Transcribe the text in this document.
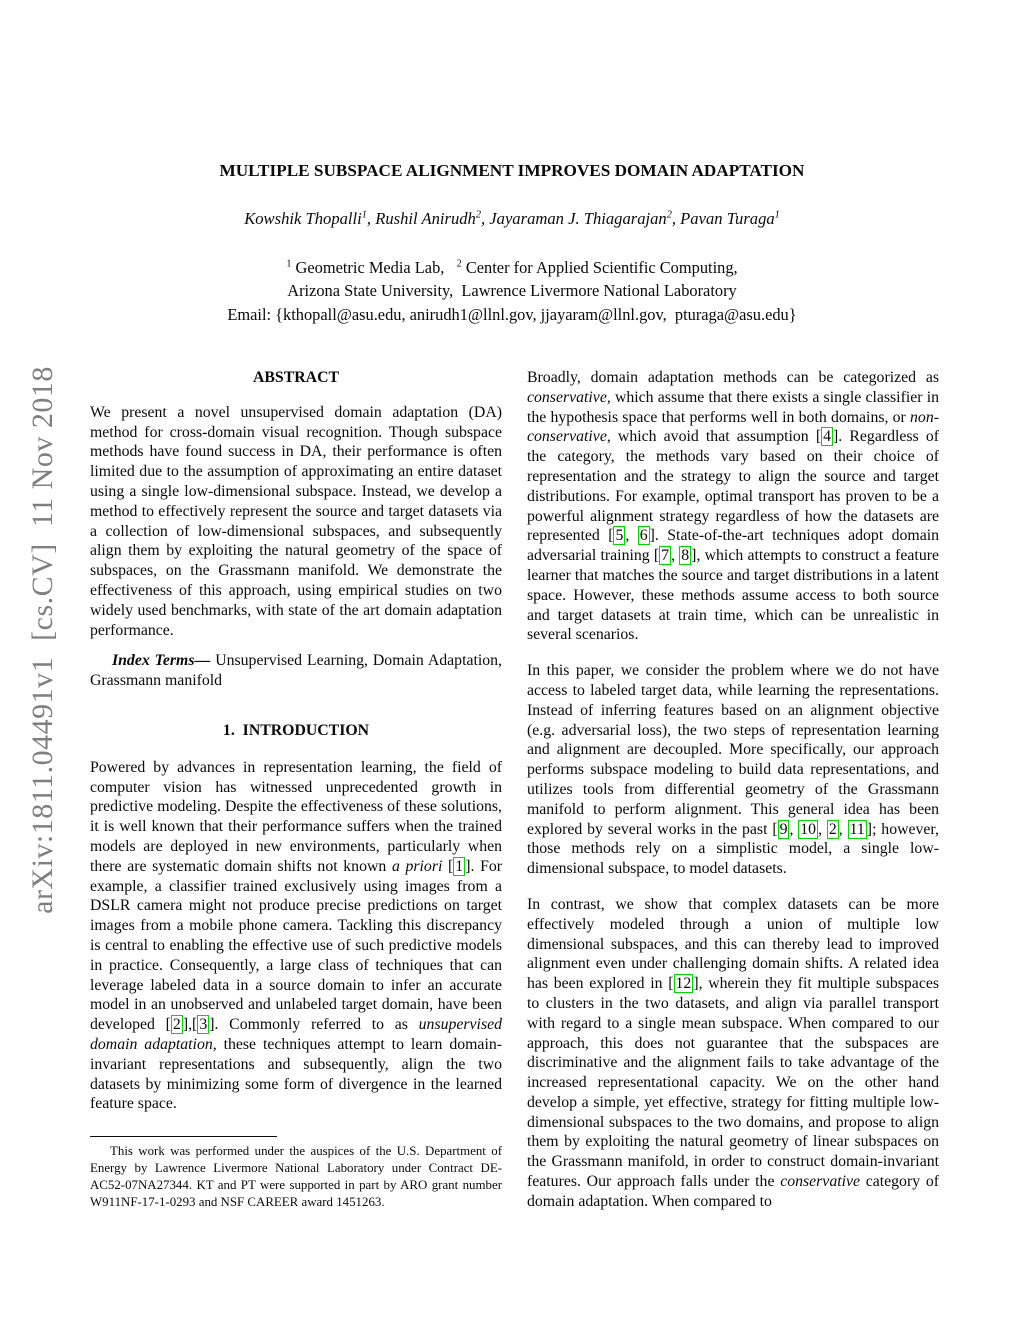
arXiv:1811.04491v1  [cs.CV]  11 Nov 2018
MULTIPLE SUBSPACE ALIGNMENT IMPROVES DOMAIN ADAPTATION
Kowshik Thopalli$^1$, Rushil Anirudh$^2$, Jayaraman J. Thiagarajan$^2$, Pavan Turaga$^1$
$^1$ Geometric Media Lab,   $^2$ Center for Applied Scientific Computing,
Arizona State University,  Lawrence Livermore National Laboratory
Email: {kthopall@asu.edu, anirudh1@llnl.gov, jjayaram@llnl.gov,  pturaga@asu.edu}
ABSTRACT

We present a novel unsupervised domain adaptation (DA) method for cross-domain visual recognition. Though subspace methods have found success in DA, their performance is often limited due to the assumption of approximating an entire dataset using a single low-dimensional subspace. Instead, we develop a method to effectively represent the source and target datasets via a collection of low-dimensional subspaces, and subsequently align them by exploiting the natural geometry of the space of subspaces, on the Grassmann manifold. We demonstrate the effectiveness of this approach, using empirical studies on two widely used benchmarks, with state of the art domain adaptation performance.

Index Terms— Unsupervised Learning, Domain Adaptation, Grassmann manifold

1.  INTRODUCTION

Powered by advances in representation learning, the field of computer vision has witnessed unprecedented growth in predictive modeling. Despite the effectiveness of these solutions, it is well known that their performance suffers when the trained models are deployed in new environments, particularly when there are systematic domain shifts not known a priori [ 1 ]. For example, a classifier trained exclusively using images from a DSLR camera might not produce precise predictions on target images from a mobile phone camera. Tackling this discrepancy is central to enabling the effective use of such predictive models in practice. Consequently, a large class of techniques that can leverage labeled data in a source domain to infer an accurate model in an unobserved and unlabeled target domain, have been developed [ 2 ],[ 3 ]. Commonly referred to as unsupervised domain adaptation, these techniques attempt to learn domain-invariant representations and subsequently, align the two datasets by minimizing some form of divergence in the learned feature space.

Broadly, domain adaptation methods can be categorized as conservative, which assume that there exists a single classifier in the hypothesis space that performs well in both domains, or non-conservative, which avoid that assumption [ 4 ]. Regardless of the category, the methods vary based on their choice of representation and the strategy to align the source and target distributions. For example, optimal transport has proven to be a powerful alignment strategy regardless of how the datasets are represented [ 5 , 6 ]. State-of-the-art techniques adopt domain adversarial training [ 7 , 8 ], which attempts to construct a feature learner that matches the source and target distributions in a latent space. However, these methods assume access to both source and target datasets at train time, which can be unrealistic in several scenarios.

In this paper, we consider the problem where we do not have access to labeled target data, while learning the representations. Instead of inferring features based on an alignment objective (e.g. adversarial loss), the two steps of representation learning and alignment are decoupled. More specifically, our approach performs subspace modeling to build data representations, and utilizes tools from differential geometry of the Grassmann manifold to perform alignment. This general idea has been explored by several works in the past [ 9 , 10 , 2 , 11 ]; however, those methods rely on a simplistic model, a single low-dimensional subspace, to model datasets.

In contrast, we show that complex datasets can be more effectively modeled through a union of multiple low dimensional subspaces, and this can thereby lead to improved alignment even under challenging domain shifts. A related idea has been explored in [ 12 ], wherein they fit multiple subspaces to clusters in the two datasets, and align via parallel transport with regard to a single mean subspace. When compared to our approach, this does not guarantee that the subspaces are discriminative and the alignment fails to take advantage of the increased representational capacity. We on the other hand develop a simple, yet effective, strategy for fitting multiple low-dimensional subspaces to the two domains, and propose to align them by exploiting the natural geometry of linear subspaces on the Grassmann manifold, in order to construct domain-invariant features. Our approach falls under the conservative category of domain adaptation. When compared to

This work was performed under the auspices of the U.S. Department of Energy by Lawrence Livermore National Laboratory under Contract DE-AC52-07NA27344. KT and PT were supported in part by ARO grant number W911NF-17-1-0293 and NSF CAREER award 1451263.
